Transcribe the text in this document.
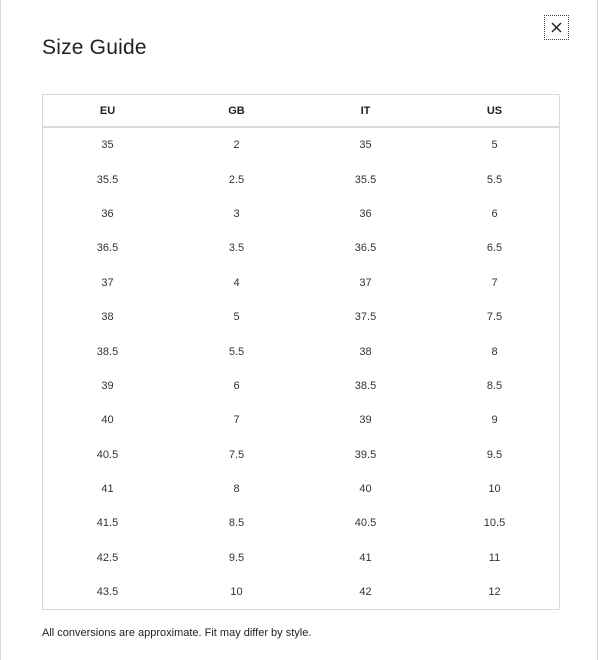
Size Guide
EU	GB	IT	US
35	2	35	5
35.5	2.5	35.5	5.5
36	3	36	6
36.5	3.5	36.5	6.5
37	4	37	7
38	5	37.5	7.5
38.5	5.5	38	8
39	6	38.5	8.5
40	7	39	9
40.5	7.5	39.5	9.5
41	8	40	10
41.5	8.5	40.5	10.5
42.5	9.5	41	11
43.5	10	42	12

All conversions are approximate. Fit may differ by style.
